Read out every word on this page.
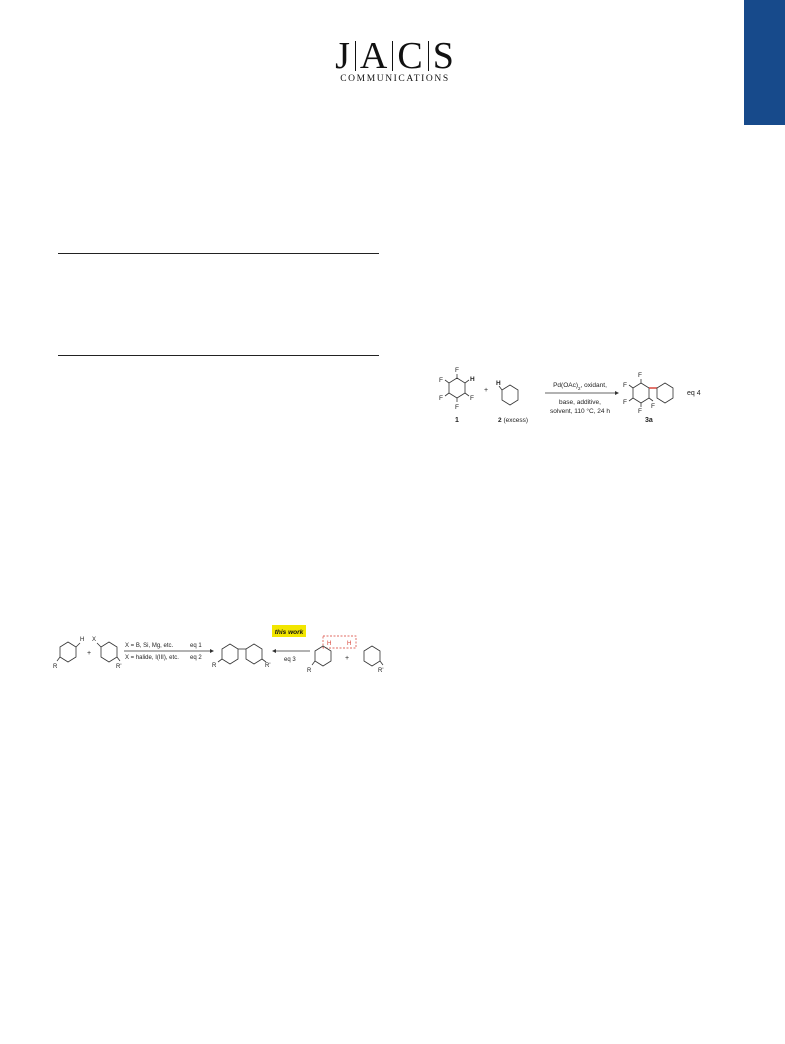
J A C S
COMMUNICATIONS
F
H
F
F
F
F
1
+
H
2 (excess)
$Pd(OAc)_2$, oxidant,
base, additive,
solvent, 110 °C, 24 h
F
F
F
F
F
3a
eq 4
H
R
+
X
R'
X = B, Si, Mg, etc.	eq 1
X = halide, I(III), etc. eq 2
R	R'
this work
eq 3
H	H
+
R	R'
